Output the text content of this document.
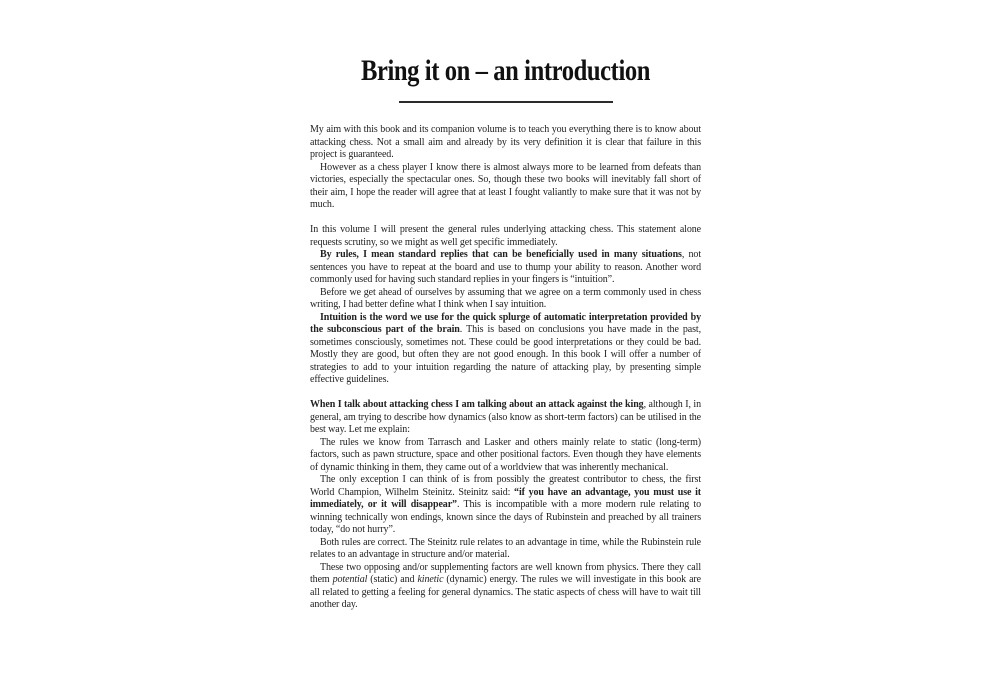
Bring it on – an introduction

My aim with this book and its companion volume is to teach you everything there is to know about attacking chess. Not a small aim and already by its very definition it is clear that failure in this project is guaranteed.

However as a chess player I know there is almost always more to be learned from defeats than victories, especially the spectacular ones. So, though these two books will inevitably fall short of their aim, I hope the reader will agree that at least I fought valiantly to make sure that it was not by much.

In this volume I will present the general rules underlying attacking chess. This statement alone requests scrutiny, so we might as well get specific immediately.

By rules, I mean standard replies that can be beneficially used in many situations, not sentences you have to repeat at the board and use to thump your ability to reason. Another word commonly used for having such standard replies in your fingers is “intuition”.

Before we get ahead of ourselves by assuming that we agree on a term commonly used in chess writing, I had better define what I think when I say intuition.

Intuition is the word we use for the quick splurge of automatic interpretation provided by the subconscious part of the brain. This is based on conclusions you have made in the past, sometimes consciously, sometimes not. These could be good interpretations or they could be bad. Mostly they are good, but often they are not good enough. In this book I will offer a number of strategies to add to your intuition regarding the nature of attacking play, by presenting simple effective guidelines.

When I talk about attacking chess I am talking about an attack against the king, although I, in general, am trying to describe how dynamics (also know as short-term factors) can be utilised in the best way. Let me explain:

The rules we know from Tarrasch and Lasker and others mainly relate to static (long-term) factors, such as pawn structure, space and other positional factors. Even though they have elements of dynamic thinking in them, they came out of a worldview that was inherently mechanical.

The only exception I can think of is from possibly the greatest contributor to chess, the first World Champion, Wilhelm Steinitz. Steinitz said: “if you have an advantage, you must use it immediately, or it will disappear”. This is incompatible with a more modern rule relating to winning technically won endings, known since the days of Rubinstein and preached by all trainers today, “do not hurry”.

Both rules are correct. The Steinitz rule relates to an advantage in time, while the Rubinstein rule relates to an advantage in structure and/or material.

These two opposing and/or supplementing factors are well known from physics. There they call them potential (static) and kinetic (dynamic) energy. The rules we will investigate in this book are all related to getting a feeling for general dynamics. The static aspects of chess will have to wait till another day.
